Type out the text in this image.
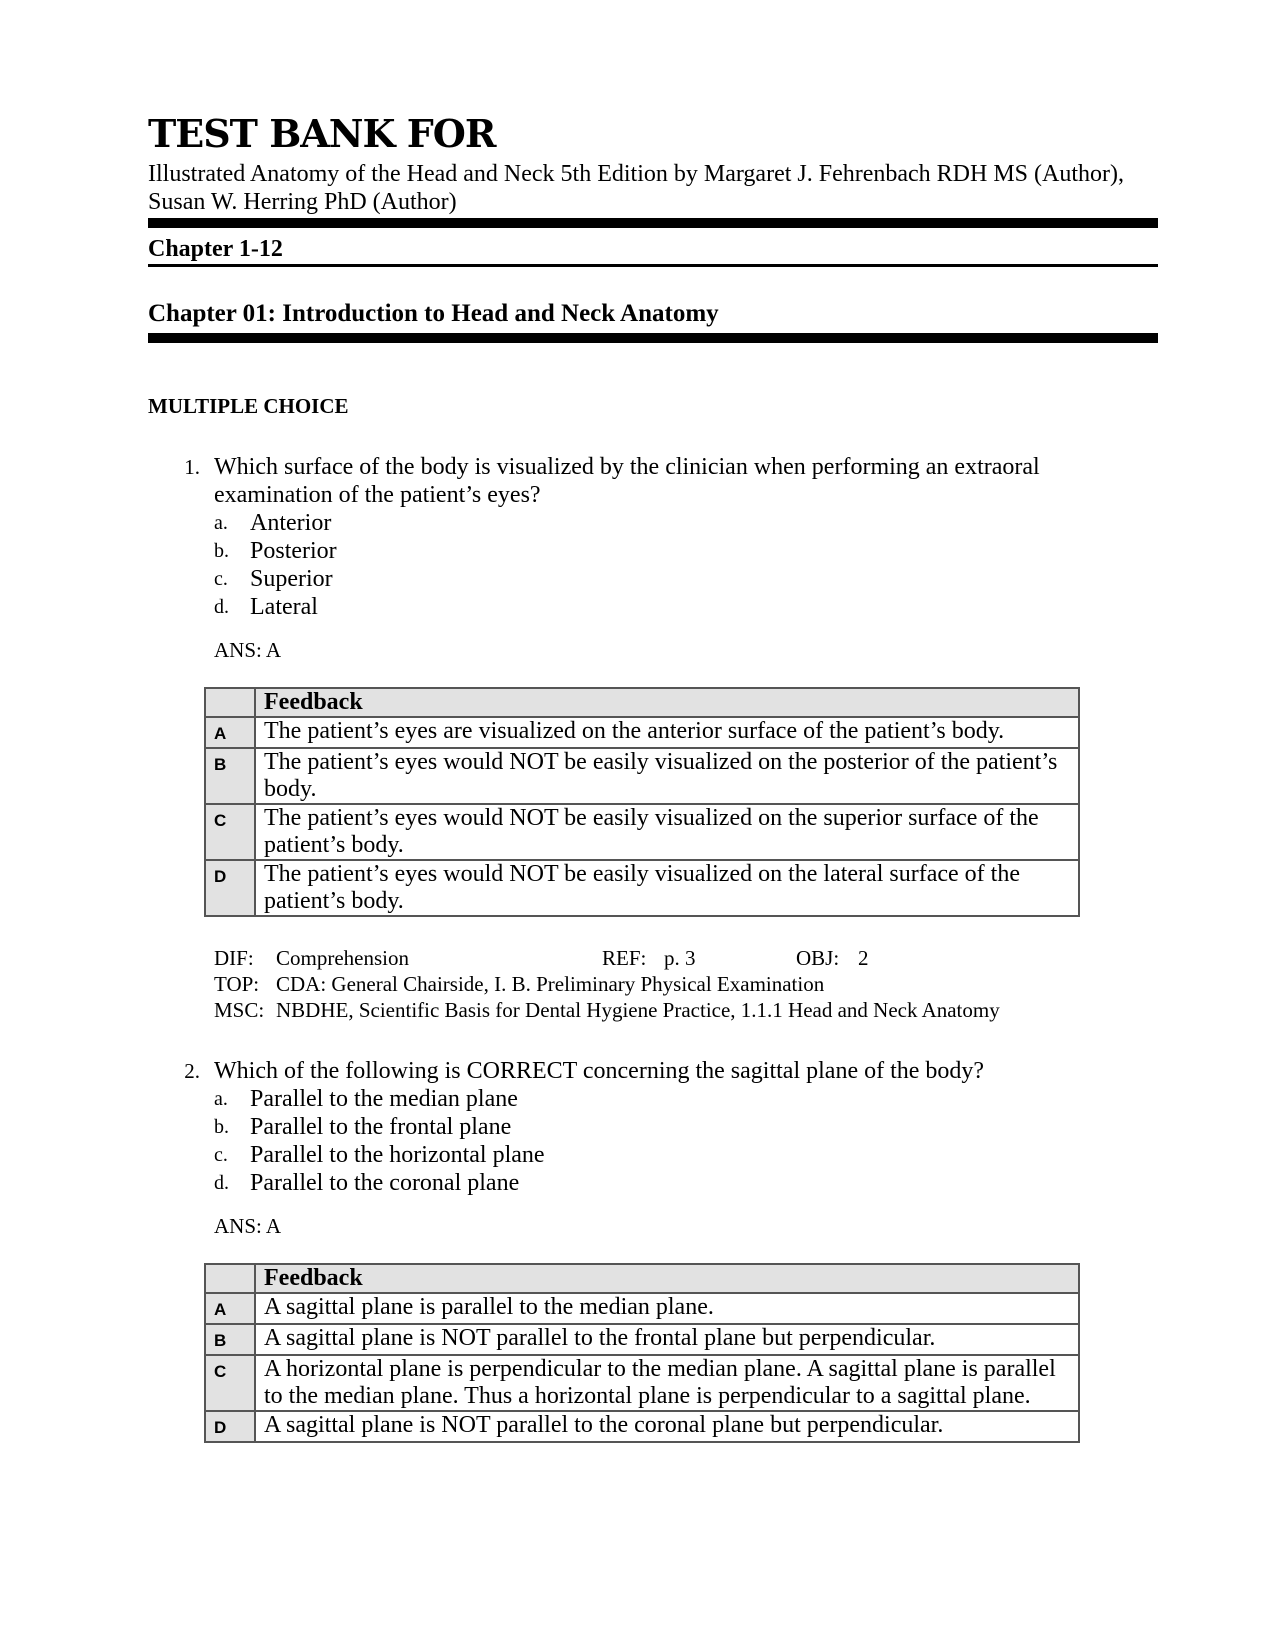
TEST BANK FOR
Illustrated Anatomy of the Head and Neck 5th Edition by Margaret J. Fehrenbach RDH MS (Author), Susan W. Herring PhD (Author)
Chapter 1-12
Chapter 01: Introduction to Head and Neck Anatomy
MULTIPLE CHOICE
1. Which surface of the body is visualized by the clinician when performing an extraoral examination of the patient’s eyes?
a. Anterior
b. Posterior
c. Superior
d. Lateral
ANS: A
	Feedback
A	The patient’s eyes are visualized on the anterior surface of the patient’s body.
B	The patient’s eyes would NOT be easily visualized on the posterior of the patient’s body.
C	The patient’s eyes would NOT be easily visualized on the superior surface of the patient’s body.
D	The patient’s eyes would NOT be easily visualized on the lateral surface of the patient’s body.
DIF:	Comprehension	REF: p. 3	OBJ: 2
TOP: CDA: General Chairside, I. B. Preliminary Physical Examination
MSC: NBDHE, Scientific Basis for Dental Hygiene Practice, 1.1.1 Head and Neck Anatomy
2. Which of the following is CORRECT concerning the sagittal plane of the body?
a. Parallel to the median plane
b. Parallel to the frontal plane
c. Parallel to the horizontal plane
d. Parallel to the coronal plane
ANS: A
	Feedback
A	A sagittal plane is parallel to the median plane.
B	A sagittal plane is NOT parallel to the frontal plane but perpendicular.
C	A horizontal plane is perpendicular to the median plane. A sagittal plane is parallel to the median plane. Thus a horizontal plane is perpendicular to a sagittal plane.
D	A sagittal plane is NOT parallel to the coronal plane but perpendicular.
